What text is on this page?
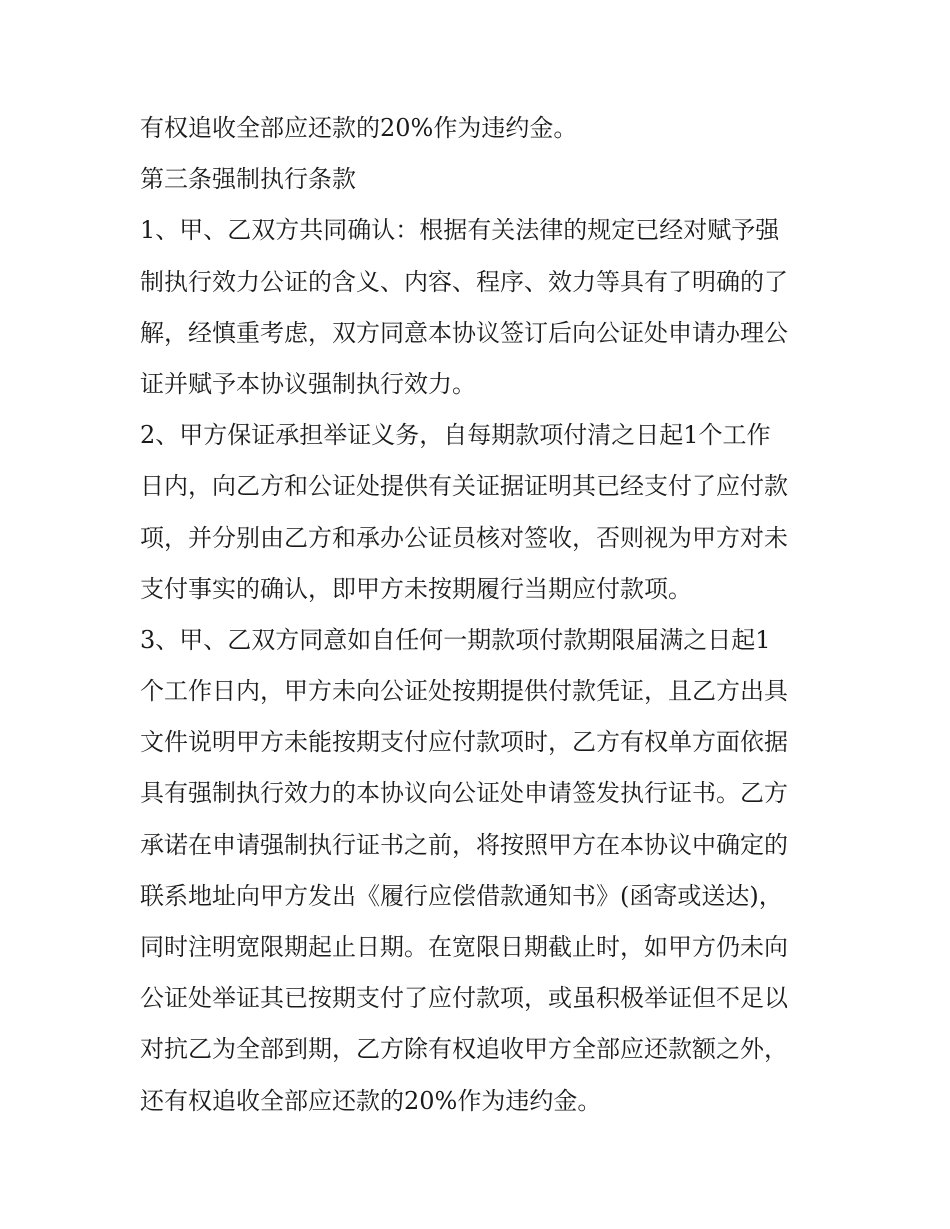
有权追收全部应还款的20%作为违约金。
第三条强制执行条款
1、甲、乙双方共同确认：根据有关法律的规定已经对赋予强
制执行效力公证的含义、内容、程序、效力等具有了明确的了
解，经慎重考虑，双方同意本协议签订后向公证处申请办理公
证并赋予本协议强制执行效力。
2、甲方保证承担举证义务，自每期款项付清之日起1个工作
日内，向乙方和公证处提供有关证据证明其已经支付了应付款
项，并分别由乙方和承办公证员核对签收，否则视为甲方对未
支付事实的确认，即甲方未按期履行当期应付款项。
3、甲、乙双方同意如自任何一期款项付款期限届满之日起1
个工作日内，甲方未向公证处按期提供付款凭证，且乙方出具
文件说明甲方未能按期支付应付款项时，乙方有权单方面依据
具有强制执行效力的本协议向公证处申请签发执行证书。乙方
承诺在申请强制执行证书之前，将按照甲方在本协议中确定的
联系地址向甲方发出《履行应偿借款通知书》(函寄或送达)，
同时注明宽限期起止日期。在宽限日期截止时，如甲方仍未向
公证处举证其已按期支付了应付款项，或虽积极举证但不足以
对抗乙为全部到期，乙方除有权追收甲方全部应还款额之外，
还有权追收全部应还款的20%作为违约金。
